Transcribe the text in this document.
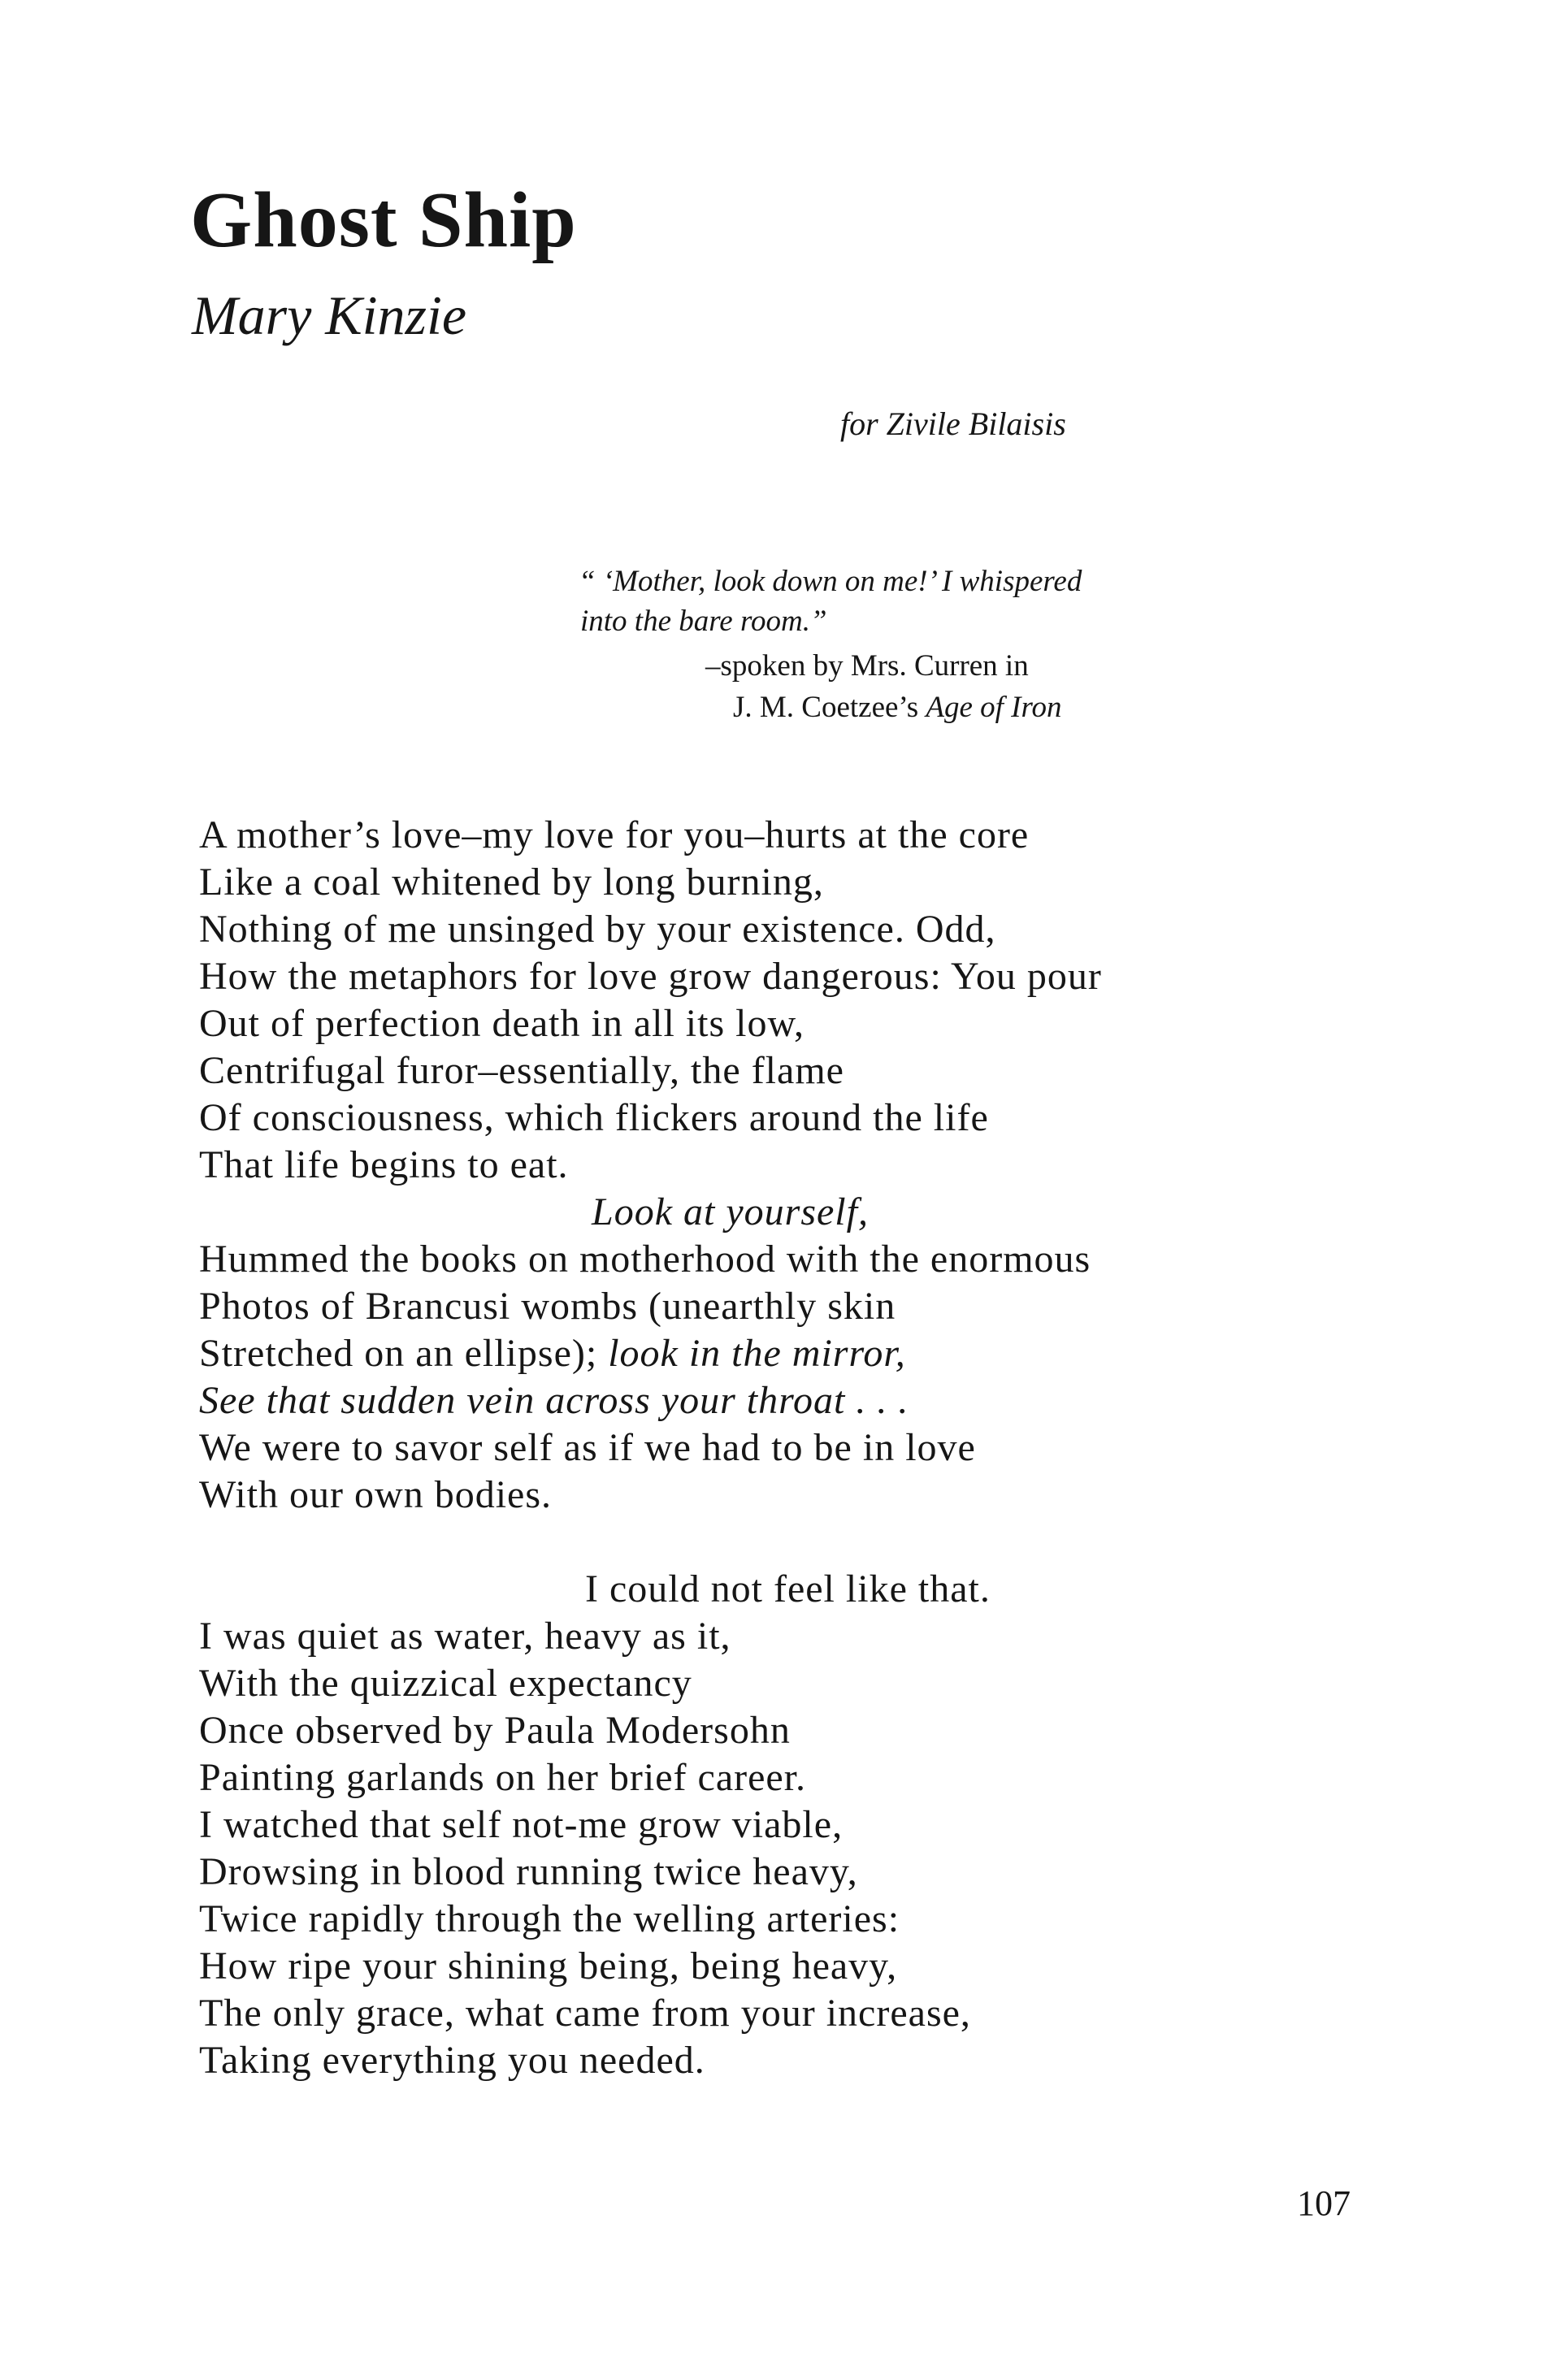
Ghost Ship
Mary Kinzie
for Zivile Bilaisis
“ ‘Mother, look down on me!’ I whispered
into the bare room.”
–spoken by Mrs. Curren in
J. M. Coetzee’s Age of Iron
A mother’s love–my love for you–hurts at the core
Like a coal whitened by long burning,
Nothing of me unsinged by your existence. Odd,
How the metaphors for love grow dangerous: You pour
Out of perfection death in all its low,
Centrifugal furor–essentially, the flame
Of consciousness, which flickers around the life
That life begins to eat.
Look at yourself,
Hummed the books on motherhood with the enormous
Photos of Brancusi wombs (unearthly skin
Stretched on an ellipse); look in the mirror,
See that sudden vein across your throat . . .
We were to savor self as if we had to be in love
With our own bodies.
I could not feel like that.
I was quiet as water, heavy as it,
With the quizzical expectancy
Once observed by Paula Modersohn
Painting garlands on her brief career.
I watched that self not-me grow viable,
Drowsing in blood running twice heavy,
Twice rapidly through the welling arteries:
How ripe your shining being, being heavy,
The only grace, what came from your increase,
Taking everything you needed.
107
